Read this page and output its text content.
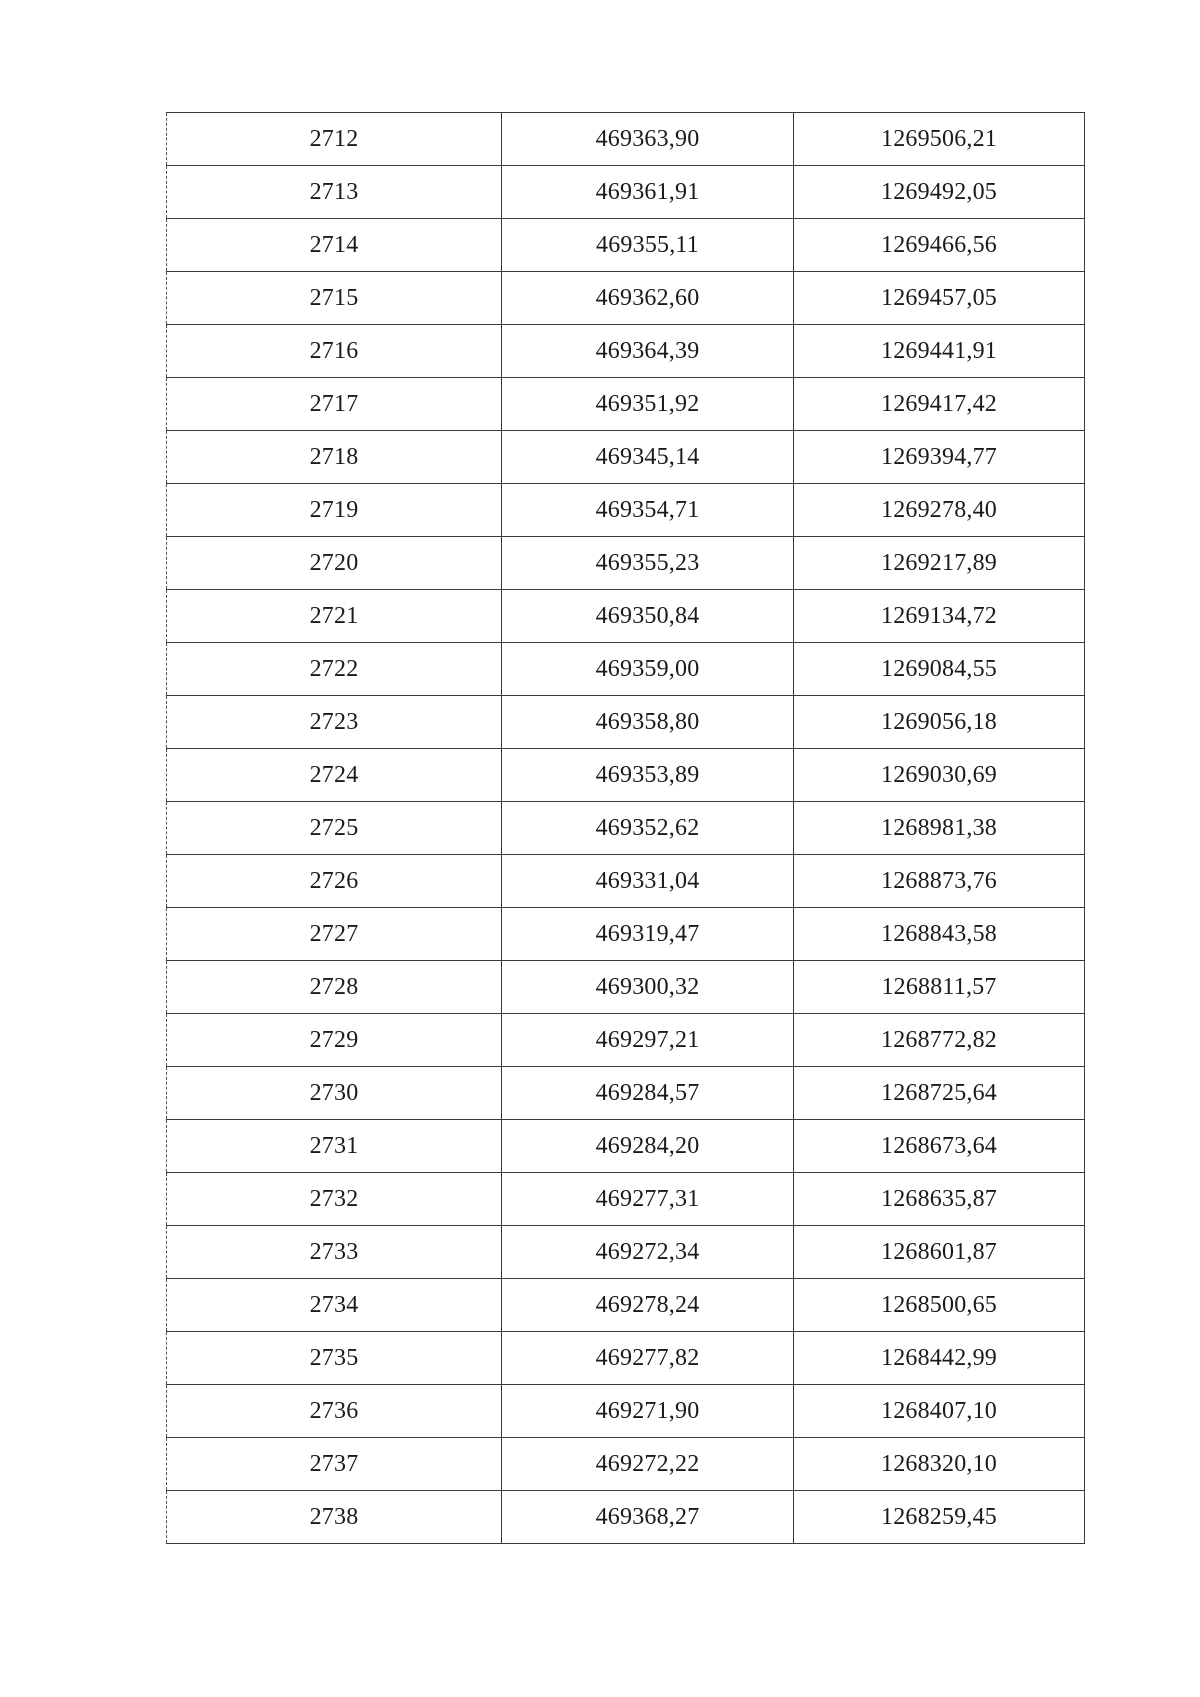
2712	469363,90	1269506,21
2713	469361,91	1269492,05
2714	469355,11	1269466,56
2715	469362,60	1269457,05
2716	469364,39	1269441,91
2717	469351,92	1269417,42
2718	469345,14	1269394,77
2719	469354,71	1269278,40
2720	469355,23	1269217,89
2721	469350,84	1269134,72
2722	469359,00	1269084,55
2723	469358,80	1269056,18
2724	469353,89	1269030,69
2725	469352,62	1268981,38
2726	469331,04	1268873,76
2727	469319,47	1268843,58
2728	469300,32	1268811,57
2729	469297,21	1268772,82
2730	469284,57	1268725,64
2731	469284,20	1268673,64
2732	469277,31	1268635,87
2733	469272,34	1268601,87
2734	469278,24	1268500,65
2735	469277,82	1268442,99
2736	469271,90	1268407,10
2737	469272,22	1268320,10
2738	469368,27	1268259,45
